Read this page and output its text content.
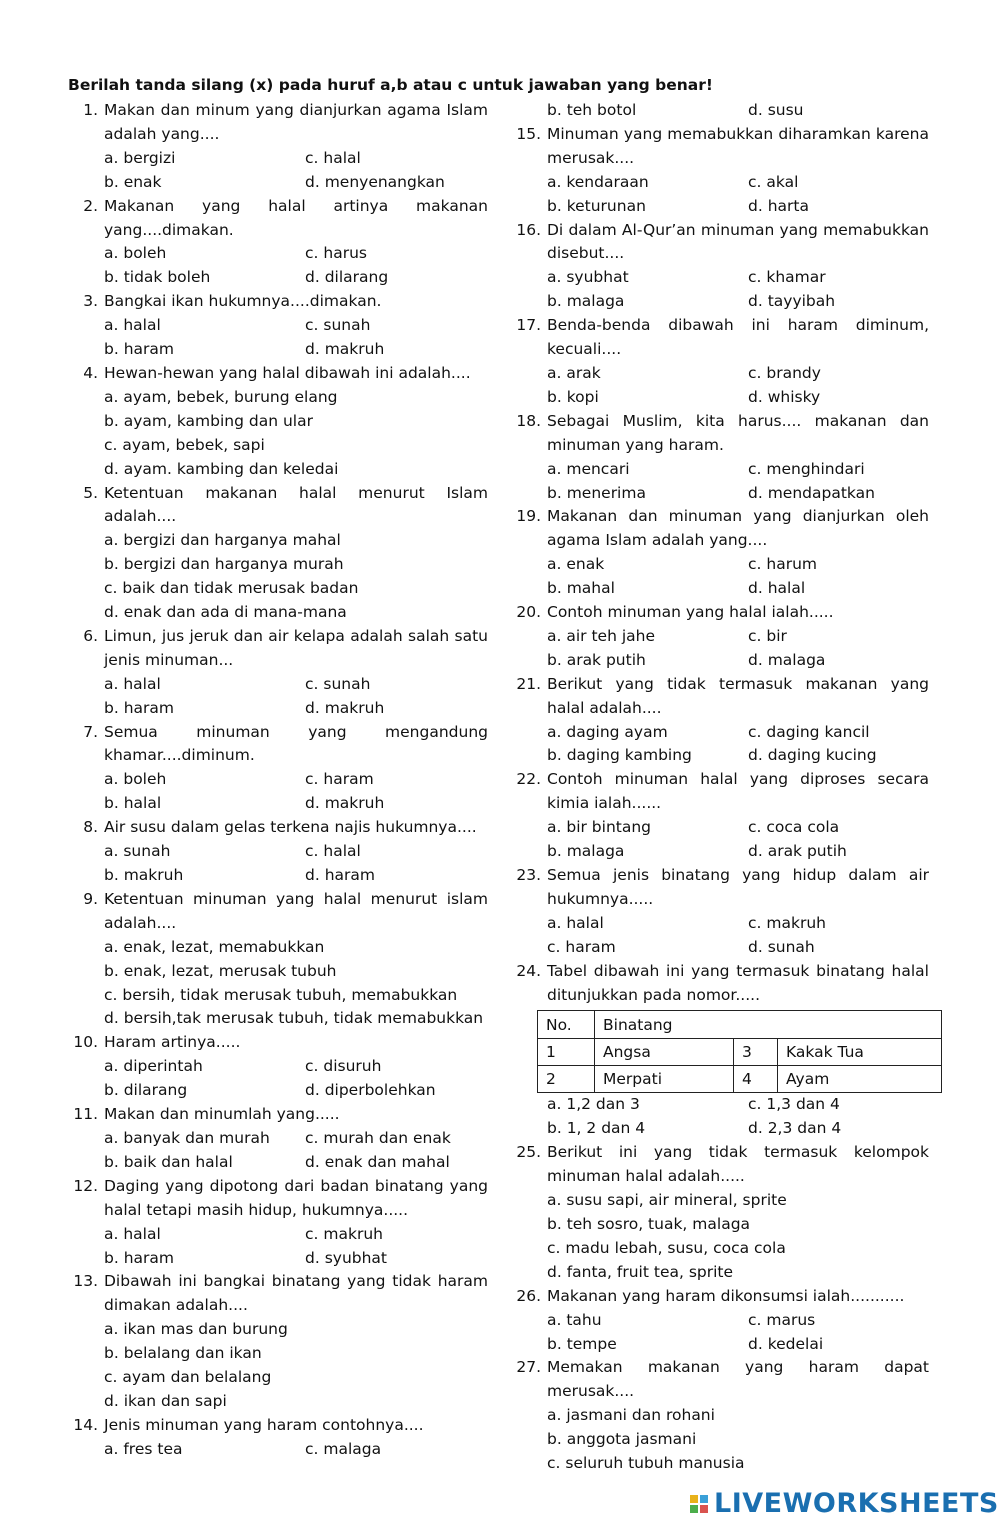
Berilah tanda silang (x) pada huruf a,b atau c untuk jawaban yang benar!
1. Makan dan minum yang dianjurkan agama Islam adalah yang....
a. bergizi	c. halal
b. enak	d. menyenangkan
2. Makanan yang halal artinya makanan yang....dimakan.
a. boleh	c. harus
b. tidak boleh	d. dilarang
3. Bangkai ikan hukumnya....dimakan.
a. halal	c. sunah
b. haram	d. makruh
4. Hewan-hewan yang halal dibawah ini adalah....
a. ayam, bebek, burung elang
b. ayam, kambing dan ular
c. ayam, bebek, sapi
d. ayam. kambing dan keledai
5. Ketentuan makanan halal menurut Islam adalah....
a. bergizi dan harganya mahal
b. bergizi dan harganya murah
c. baik dan tidak merusak badan
d. enak dan ada di mana-mana
6. Limun, jus jeruk dan air kelapa adalah salah satu jenis minuman...
a. halal	c. sunah
b. haram	d. makruh
7. Semua minuman yang mengandung khamar....diminum.
a. boleh	c. haram
b. halal	d. makruh
8. Air susu dalam gelas terkena najis hukumnya....
a. sunah	c. halal
b. makruh	d. haram
9. Ketentuan minuman yang halal menurut islam adalah....
a. enak, lezat, memabukkan
b. enak, lezat, merusak tubuh
c. bersih, tidak merusak tubuh, memabukkan
d. bersih,tak merusak tubuh, tidak memabukkan
10. Haram artinya.....
a. diperintah	c. disuruh
b. dilarang	d. diperbolehkan
11. Makan dan minumlah yang.....
a. banyak dan murah	c. murah dan enak
b. baik dan halal	d. enak dan mahal
12. Daging yang dipotong dari badan binatang yang halal tetapi masih hidup, hukumnya.....
a. halal	c. makruh
b. haram	d. syubhat
13. Dibawah ini bangkai binatang yang tidak haram dimakan adalah....
a. ikan mas dan burung
b. belalang dan ikan
c. ayam dan belalang
d. ikan dan sapi
14. Jenis minuman yang haram contohnya....
a. fres tea	c. malaga
b. teh botol	d. susu
15. Minuman yang memabukkan diharamkan karena merusak....
a. kendaraan	c. akal
b. keturunan	d. harta
16. Di dalam Al-Qur’an minuman yang memabukkan disebut....
a. syubhat	c. khamar
b. malaga	d. tayyibah
17. Benda-benda dibawah ini haram diminum, kecuali....
a. arak	c. brandy
b. kopi	d. whisky
18. Sebagai Muslim, kita harus.... makanan dan minuman yang haram.
a. mencari	c. menghindari
b. menerima	d. mendapatkan
19. Makanan dan minuman yang dianjurkan oleh agama Islam adalah yang....
a. enak	c. harum
b. mahal	d. halal
20. Contoh minuman yang halal ialah.....
a. air teh jahe	c. bir
b. arak putih	d. malaga
21. Berikut yang tidak termasuk makanan yang halal adalah....
a. daging ayam	c. daging kancil
b. daging kambing	d. daging kucing
22. Contoh minuman halal yang diproses secara kimia ialah......
a. bir bintang	c. coca cola
b. malaga	d. arak putih
23. Semua jenis binatang yang hidup dalam air hukumnya.....
a. halal	c. makruh
c. haram	d. sunah
24. Tabel dibawah ini yang termasuk binatang halal ditunjukkan pada nomor.....
No.	Binatang		
1	Angsa	3	Kakak Tua
2	Merpati	4	Ayam
a. 1,2 dan 3	c. 1,3 dan 4
b. 1, 2 dan 4	d. 2,3 dan 4
25. Berikut ini yang tidak termasuk kelompok minuman halal adalah.....
a. susu sapi, air mineral, sprite
b. teh sosro, tuak, malaga
c. madu lebah, susu, coca cola
d. fanta, fruit tea, sprite
26. Makanan yang haram dikonsumsi ialah...........
a. tahu	c. marus
b. tempe	d. kedelai
27. Memakan makanan yang haram dapat merusak....
a. jasmani dan rohani
b. anggota jasmani
c. seluruh tubuh manusia
LIVEWORKSHEETS
